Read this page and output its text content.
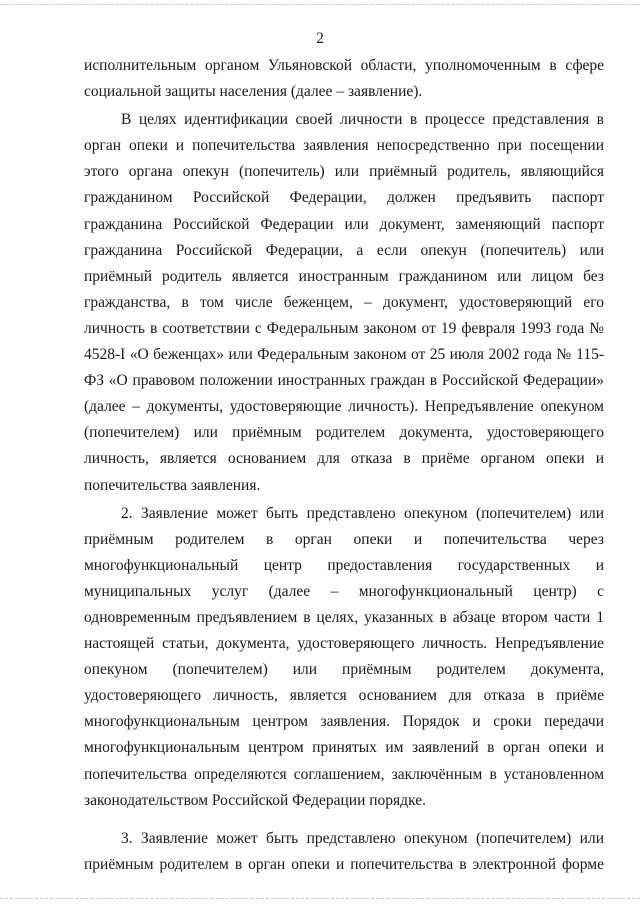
2

исполнительным органом Ульяновской области, уполномоченным в сфере социальной защиты населения (далее – заявление).

В целях идентификации своей личности в процессе представления в орган опеки и попечительства заявления непосредственно при посещении этого органа опекун (попечитель) или приёмный родитель, являющийся гражданином Российской Федерации, должен предъявить паспорт гражданина Российской Федерации или документ, заменяющий паспорт гражданина Российской Федерации, а если опекун (попечитель) или приёмный родитель является иностранным гражданином или лицом без гражданства, в том числе беженцем, – документ, удостоверяющий его личность в соответствии с Федеральным законом от 19 февраля 1993 года № 4528-I «О беженцах» или Федеральным законом от 25 июля 2002 года № 115-ФЗ «О правовом положении иностранных граждан в Российской Федерации» (далее – документы, удостоверяющие личность). Непредъявление опекуном (попечителем) или приёмным родителем документа, удостоверяющего личность, является основанием для отказа в приёме органом опеки и попечительства заявления.

2. Заявление может быть представлено опекуном (попечителем) или приёмным родителем в орган опеки и попечительства через многофункциональный центр предоставления государственных и муниципальных услуг (далее – многофункциональный центр) с одновременным предъявлением в целях, указанных в абзаце втором части 1 настоящей статьи, документа, удостоверяющего личность. Непредъявление опекуном (попечителем) или приёмным родителем документа, удостоверяющего личность, является основанием для отказа в приёме многофункциональным центром заявления. Порядок и сроки передачи многофункциональным центром принятых им заявлений в орган опеки и попечительства определяются соглашением, заключённым в установленном законодательством Российской Федерации порядке.

3. Заявление может быть представлено опекуном (попечителем) или приёмным родителем в орган опеки и попечительства в электронной форме
